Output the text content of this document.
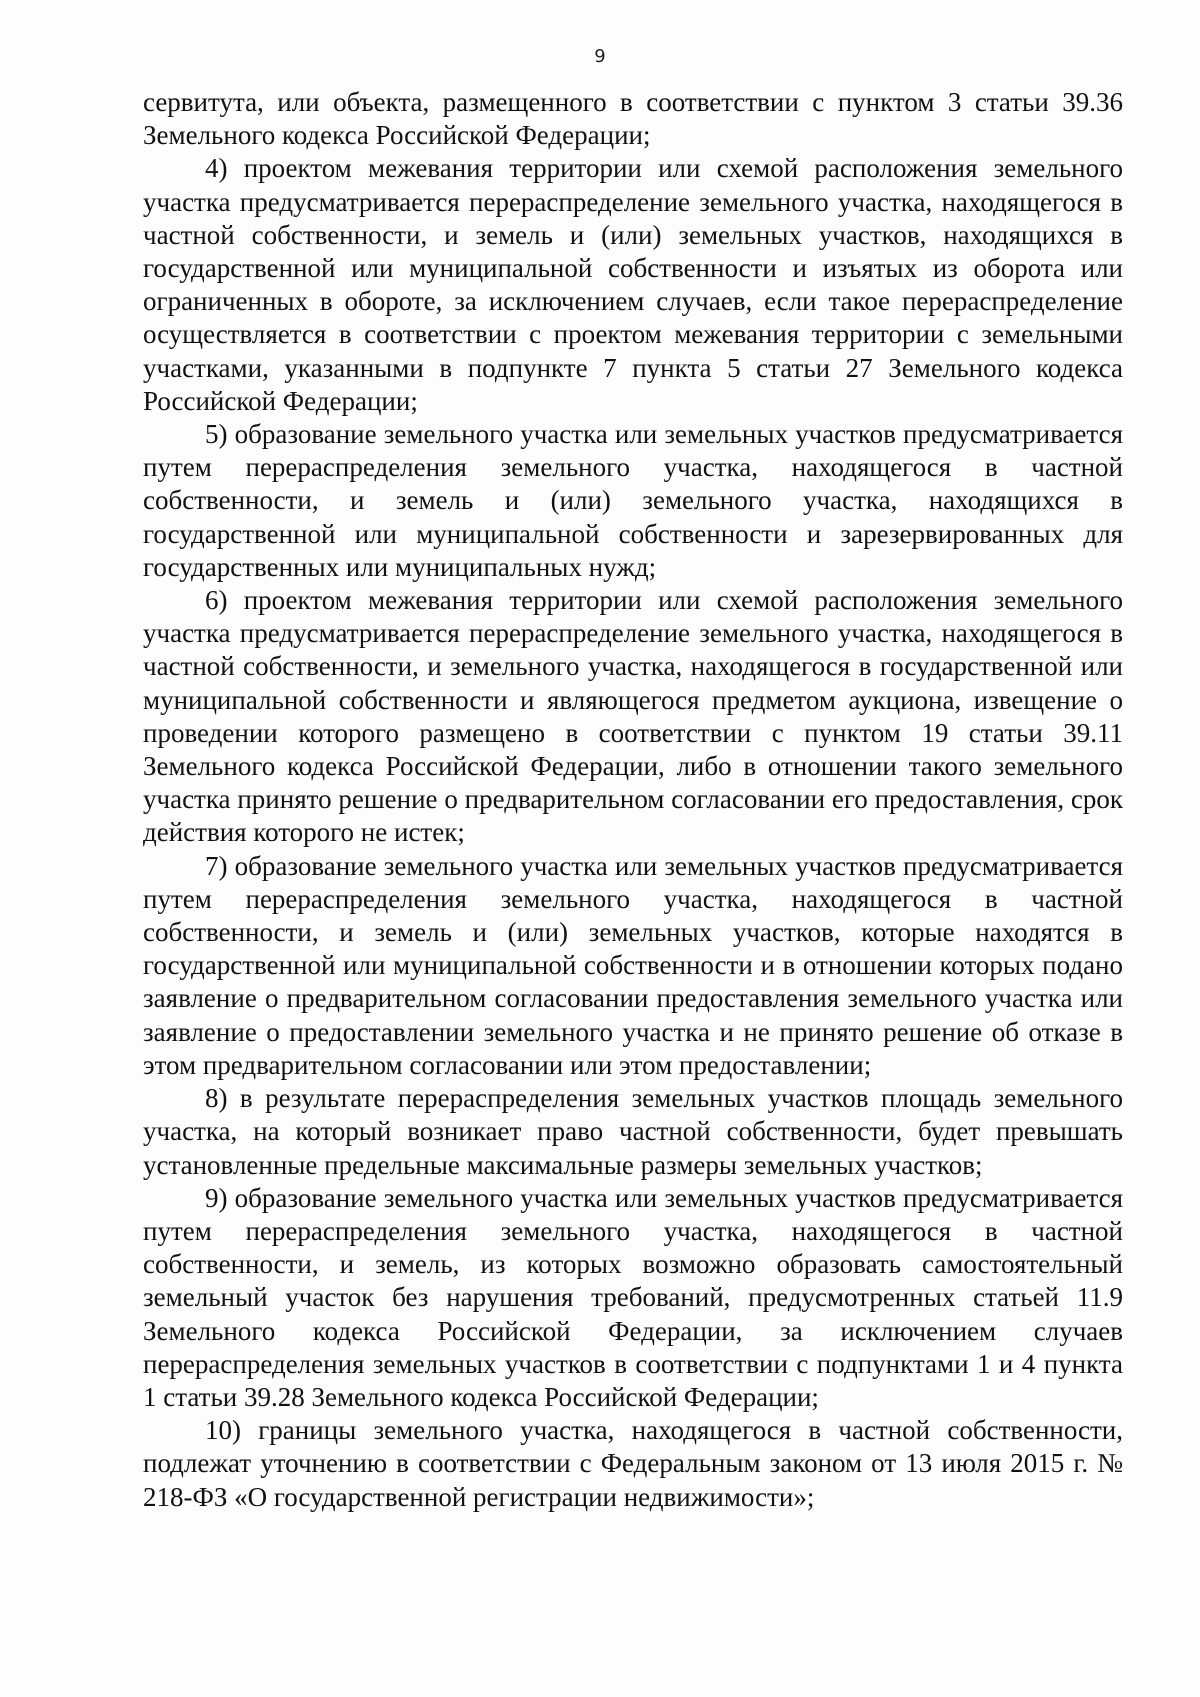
9

сервитута, или объекта, размещенного в соответствии с пунктом 3 статьи 39.36 Земельного кодекса Российской Федерации;

4) проектом межевания территории или схемой расположения земельного участка предусматривается перераспределение земельного участка, находящегося в частной собственности, и земель и (или) земельных участков, находящихся в государственной или муниципальной собственности и изъятых из оборота или ограниченных в обороте, за исключением случаев, если такое перераспределение осуществляется в соответствии с проектом межевания территории с земельными участками, указанными в подпункте 7 пункта 5 статьи 27 Земельного кодекса Российской Федерации;

5) образование земельного участка или земельных участков предусматривается путем перераспределения земельного участка, находящегося в частной собственности, и земель и (или) земельного участка, находящихся в государственной или муниципальной собственности и зарезервированных для государственных или муниципальных нужд;

6) проектом межевания территории или схемой расположения земельного участка предусматривается перераспределение земельного участка, находящегося в частной собственности, и земельного участка, находящегося в государственной или муниципальной собственности и являющегося предметом аукциона, извещение о проведении которого размещено в соответствии с пунктом 19 статьи 39.11 Земельного кодекса Российской Федерации, либо в отношении такого земельного участка принято решение о предварительном согласовании его предоставления, срок действия которого не истек;

7) образование земельного участка или земельных участков предусматривается путем перераспределения земельного участка, находящегося в частной собственности, и земель и (или) земельных участков, которые находятся в государственной или муниципальной собственности и в отношении которых подано заявление о предварительном согласовании предоставления земельного участка или заявление о предоставлении земельного участка и не принято решение об отказе в этом предварительном согласовании или этом предоставлении;

8) в результате перераспределения земельных участков площадь земельного участка, на который возникает право частной собственности, будет превышать установленные предельные максимальные размеры земельных участков;

9) образование земельного участка или земельных участков предусматривается путем перераспределения земельного участка, находящегося в частной собственности, и земель, из которых возможно образовать самостоятельный земельный участок без нарушения требований, предусмотренных статьей 11.9 Земельного кодекса Российской Федерации, за исключением случаев перераспределения земельных участков в соответствии с подпунктами 1 и 4 пункта 1 статьи 39.28 Земельного кодекса Российской Федерации;

10) границы земельного участка, находящегося в частной собственности, подлежат уточнению в соответствии с Федеральным законом от 13 июля 2015 г. № 218-ФЗ «О государственной регистрации недвижимости»;
